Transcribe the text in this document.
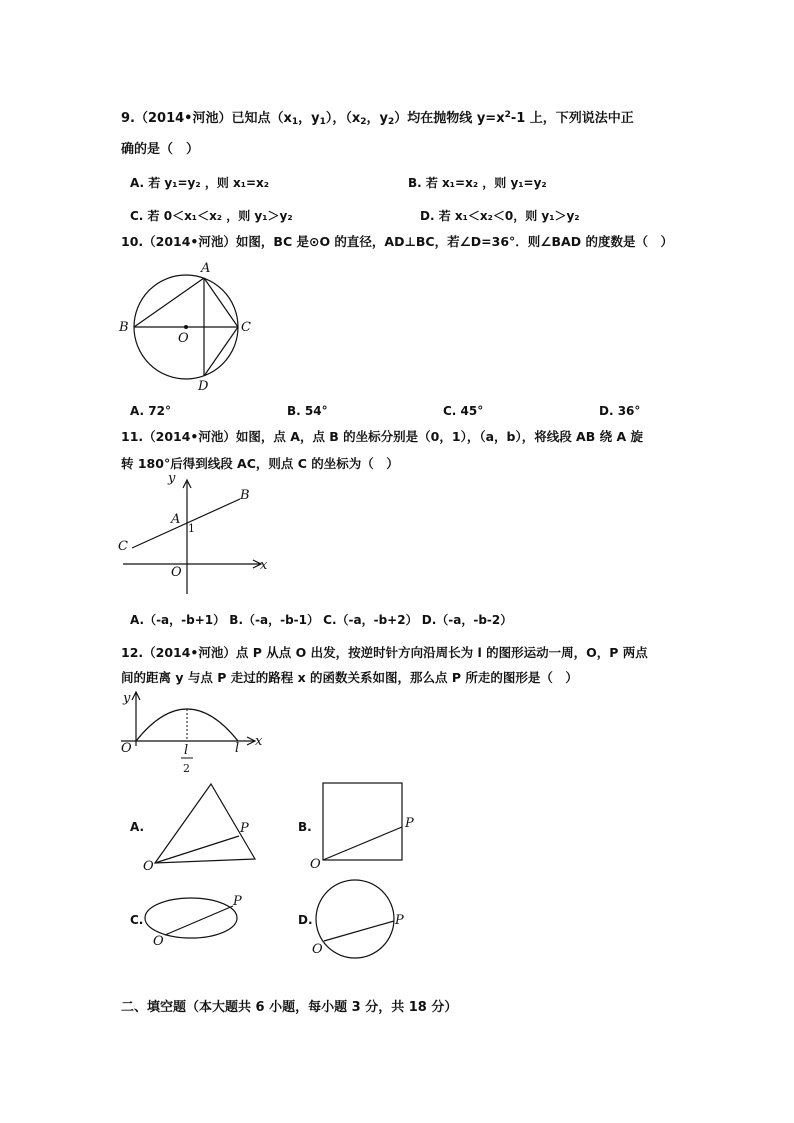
9.（2014•河池）已知点（$x_1$，$y_1$），（$x_2$，$y_2$）均在抛物线 $y=x^2-1$ 上，下列说法中正
确的是（　）
A. 若 y₁=y₂ ，则 x₁=x₂	B. 若 x₁=x₂ ，则 y₁=y₂
C. 若 0＜x₁＜x₂ ，则 y₁＞y₂	D. 若 x₁＜x₂＜0，则 y₁＞y₂
10.（2014•河池）如图，BC 是⊙O 的直径，AD⊥BC，若∠D=36°．则∠BAD 的度数是（　）
A
B	C
D
O
A. 72°	B. 54°	C. 45°	D. 36°
11.（2014•河池）如图，点 A，点 B 的坐标分别是（0，1），（a，b），将线段 AB 绕 A 旋
转 180°后得到线段 AC，则点 C 的坐标为（　）
y
x
B
A
C
O
1
A.（-a，-b+1） B.（-a，-b-1） C.（-a，-b+2） D.（-a，-b-2）
12.（2014•河池）点 P 从点 O 出发，按逆时针方向沿周长为 l 的图形运动一周，O，P 两点
间的距离 y 与点 P 走过的路程 x 的函数关系如图，那么点 P 所走的图形是（　）
y
x
O	l
l
2
A.	P
O
B.	P
O
C.
P
O
D.	P
O
二、填空题（本大题共 6 小题，每小题 3 分，共 18 分）
